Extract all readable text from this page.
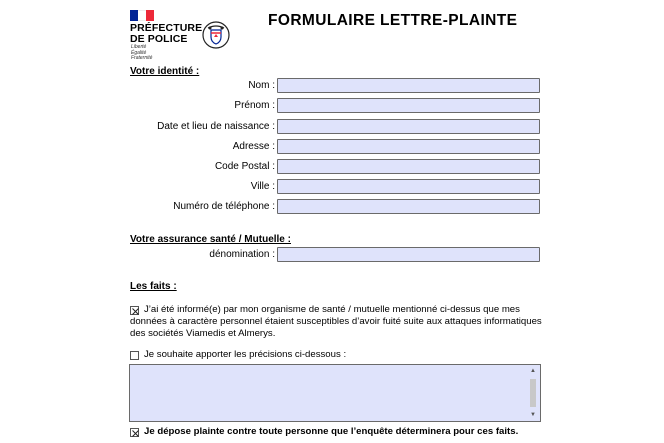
PRÉFECTURE
DE POLICE
Liberté
Égalité
Fraternité
FORMULAIRE LETTRE-PLAINTE
Votre identité :
Nom :
Prénom :
Date et lieu de naissance :
Adresse :
Code Postal :
Ville :
Numéro de téléphone :
Votre assurance santé / Mutuelle :
dénomination :
Les faits :
J’ai été informé(e) par mon organisme de santé / mutuelle mentionné ci-dessus que mes
données à caractère personnel étaient susceptibles d’avoir fuité suite aux attaques informatiques
des sociétés Viamedis et Almerys.
Je souhaite apporter les précisions ci-dessous :
▲
▼
Je dépose plainte contre toute personne que l’enquête déterminera pour ces faits.
